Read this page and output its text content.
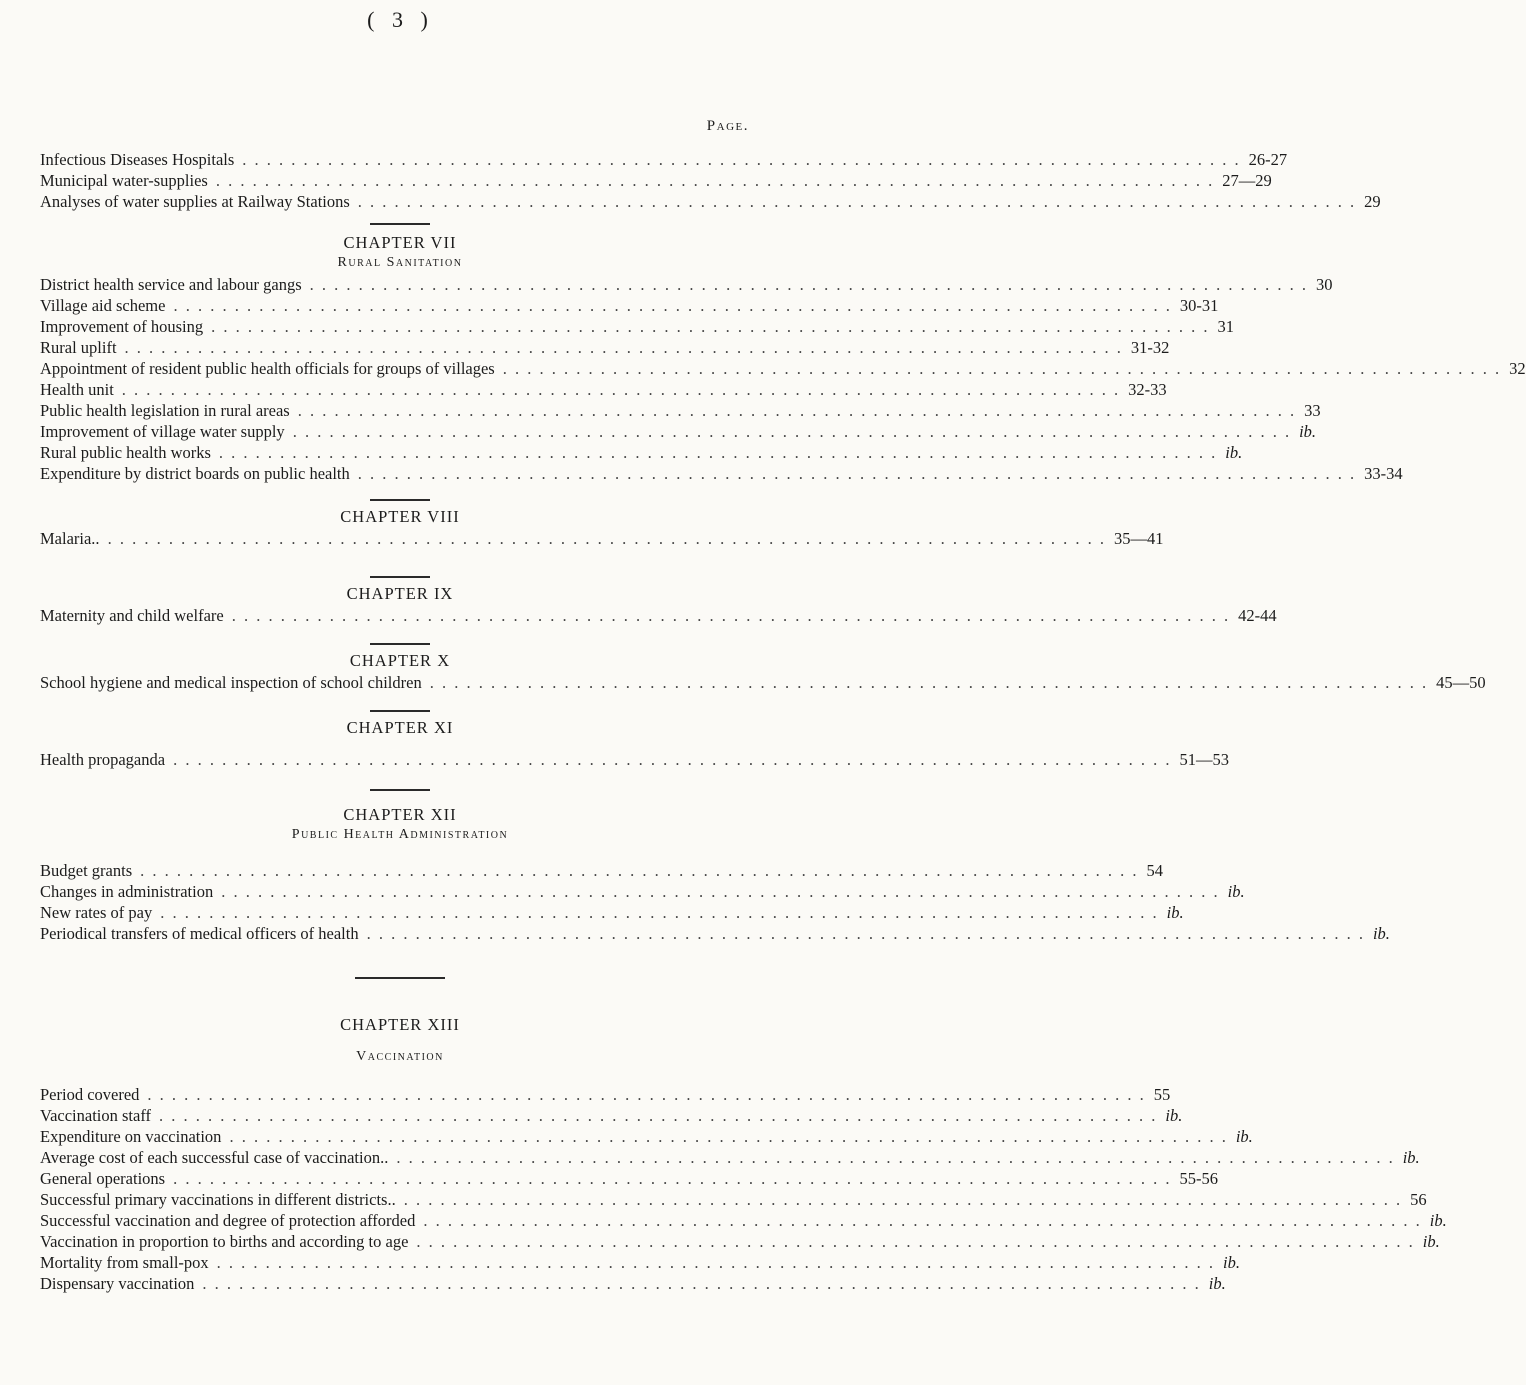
( 3 )
Page.
Infectious Diseases Hospitals . . . . . . . . . . . . . . . . . . . . . . . . . . . . . . . . . . . . . . . . . . . . . . . . . . . . . . . . . . . . . . . . . . . . . . . . . . . . . . . . . . 26-27
Municipal water-supplies . . . . . . . . . . . . . . . . . . . . . . . . . . . . . . . . . . . . . . . . . . . . . . . . . . . . . . . . . . . . . . . . . . . . . . . . . . . . . . . . . . 27—29
Analyses of water supplies at Railway Stations . . . . . . . . . . . . . . . . . . . . . . . . . . . . . . . . . . . . . . . . . . . . . . . . . . . . . . . . . . . . . . . . . . . . . . . . . . . . . . . . . . 29
CHAPTER VII
Rural Sanitation
District health service and labour gangs . . . . . . . . . . . . . . . . . . . . . . . . . . . . . . . . . . . . . . . . . . . . . . . . . . . . . . . . . . . . . . . . . . . . . . . . . . . . . . . . . . 30
Village aid scheme . . . . . . . . . . . . . . . . . . . . . . . . . . . . . . . . . . . . . . . . . . . . . . . . . . . . . . . . . . . . . . . . . . . . . . . . . . . . . . . . . . 30-31
Improvement of housing . . . . . . . . . . . . . . . . . . . . . . . . . . . . . . . . . . . . . . . . . . . . . . . . . . . . . . . . . . . . . . . . . . . . . . . . . . . . . . . . . . 31
Rural uplift . . . . . . . . . . . . . . . . . . . . . . . . . . . . . . . . . . . . . . . . . . . . . . . . . . . . . . . . . . . . . . . . . . . . . . . . . . . . . . . . . . 31-32
Appointment of resident public health officials for groups of villages . . . . . . . . . . . . . . . . . . . . . . . . . . . . . . . . . . . . . . . . . . . . . . . . . . . . . . . . . . . . . . . . . . . . . . . . . . . . . . . . . . 32
Health unit . . . . . . . . . . . . . . . . . . . . . . . . . . . . . . . . . . . . . . . . . . . . . . . . . . . . . . . . . . . . . . . . . . . . . . . . . . . . . . . . . . 32-33
Public health legislation in rural areas . . . . . . . . . . . . . . . . . . . . . . . . . . . . . . . . . . . . . . . . . . . . . . . . . . . . . . . . . . . . . . . . . . . . . . . . . . . . . . . . . . 33
Improvement of village water supply . . . . . . . . . . . . . . . . . . . . . . . . . . . . . . . . . . . . . . . . . . . . . . . . . . . . . . . . . . . . . . . . . . . . . . . . . . . . . . . . . . ib.
Rural public health works . . . . . . . . . . . . . . . . . . . . . . . . . . . . . . . . . . . . . . . . . . . . . . . . . . . . . . . . . . . . . . . . . . . . . . . . . . . . . . . . . . ib.
Expenditure by district boards on public health . . . . . . . . . . . . . . . . . . . . . . . . . . . . . . . . . . . . . . . . . . . . . . . . . . . . . . . . . . . . . . . . . . . . . . . . . . . . . . . . . . 33-34
CHAPTER VIII
Malaria.. . . . . . . . . . . . . . . . . . . . . . . . . . . . . . . . . . . . . . . . . . . . . . . . . . . . . . . . . . . . . . . . . . . . . . . . . . . . . . . . . . . 35—41
CHAPTER IX
Maternity and child welfare . . . . . . . . . . . . . . . . . . . . . . . . . . . . . . . . . . . . . . . . . . . . . . . . . . . . . . . . . . . . . . . . . . . . . . . . . . . . . . . . . . 42-44
CHAPTER X
School hygiene and medical inspection of school children . . . . . . . . . . . . . . . . . . . . . . . . . . . . . . . . . . . . . . . . . . . . . . . . . . . . . . . . . . . . . . . . . . . . . . . . . . . . . . . . . . 45—50
CHAPTER XI
Health propaganda . . . . . . . . . . . . . . . . . . . . . . . . . . . . . . . . . . . . . . . . . . . . . . . . . . . . . . . . . . . . . . . . . . . . . . . . . . . . . . . . . . 51—53
CHAPTER XII
Public Health Administration
Budget grants . . . . . . . . . . . . . . . . . . . . . . . . . . . . . . . . . . . . . . . . . . . . . . . . . . . . . . . . . . . . . . . . . . . . . . . . . . . . . . . . . . 54
Changes in administration . . . . . . . . . . . . . . . . . . . . . . . . . . . . . . . . . . . . . . . . . . . . . . . . . . . . . . . . . . . . . . . . . . . . . . . . . . . . . . . . . . ib.
New rates of pay . . . . . . . . . . . . . . . . . . . . . . . . . . . . . . . . . . . . . . . . . . . . . . . . . . . . . . . . . . . . . . . . . . . . . . . . . . . . . . . . . . ib.
Periodical transfers of medical officers of health . . . . . . . . . . . . . . . . . . . . . . . . . . . . . . . . . . . . . . . . . . . . . . . . . . . . . . . . . . . . . . . . . . . . . . . . . . . . . . . . . . ib.
CHAPTER XIII
Vaccination
Period covered . . . . . . . . . . . . . . . . . . . . . . . . . . . . . . . . . . . . . . . . . . . . . . . . . . . . . . . . . . . . . . . . . . . . . . . . . . . . . . . . . . 55
Vaccination staff . . . . . . . . . . . . . . . . . . . . . . . . . . . . . . . . . . . . . . . . . . . . . . . . . . . . . . . . . . . . . . . . . . . . . . . . . . . . . . . . . . ib.
Expenditure on vaccination . . . . . . . . . . . . . . . . . . . . . . . . . . . . . . . . . . . . . . . . . . . . . . . . . . . . . . . . . . . . . . . . . . . . . . . . . . . . . . . . . . ib.
Average cost of each successful case of vaccination.. . . . . . . . . . . . . . . . . . . . . . . . . . . . . . . . . . . . . . . . . . . . . . . . . . . . . . . . . . . . . . . . . . . . . . . . . . . . . . . . . . . ib.
General operations . . . . . . . . . . . . . . . . . . . . . . . . . . . . . . . . . . . . . . . . . . . . . . . . . . . . . . . . . . . . . . . . . . . . . . . . . . . . . . . . . . 55-56
Successful primary vaccinations in different districts.. . . . . . . . . . . . . . . . . . . . . . . . . . . . . . . . . . . . . . . . . . . . . . . . . . . . . . . . . . . . . . . . . . . . . . . . . . . . . . . . . . . 56
Successful vaccination and degree of protection afforded . . . . . . . . . . . . . . . . . . . . . . . . . . . . . . . . . . . . . . . . . . . . . . . . . . . . . . . . . . . . . . . . . . . . . . . . . . . . . . . . . . ib.
Vaccination in proportion to births and according to age . . . . . . . . . . . . . . . . . . . . . . . . . . . . . . . . . . . . . . . . . . . . . . . . . . . . . . . . . . . . . . . . . . . . . . . . . . . . . . . . . . ib.
Mortality from small-pox . . . . . . . . . . . . . . . . . . . . . . . . . . . . . . . . . . . . . . . . . . . . . . . . . . . . . . . . . . . . . . . . . . . . . . . . . . . . . . . . . . ib.
Dispensary vaccination . . . . . . . . . . . . . . . . . . . . . . . . . . . . . . . . . . . . . . . . . . . . . . . . . . . . . . . . . . . . . . . . . . . . . . . . . . . . . . . . . . ib.
